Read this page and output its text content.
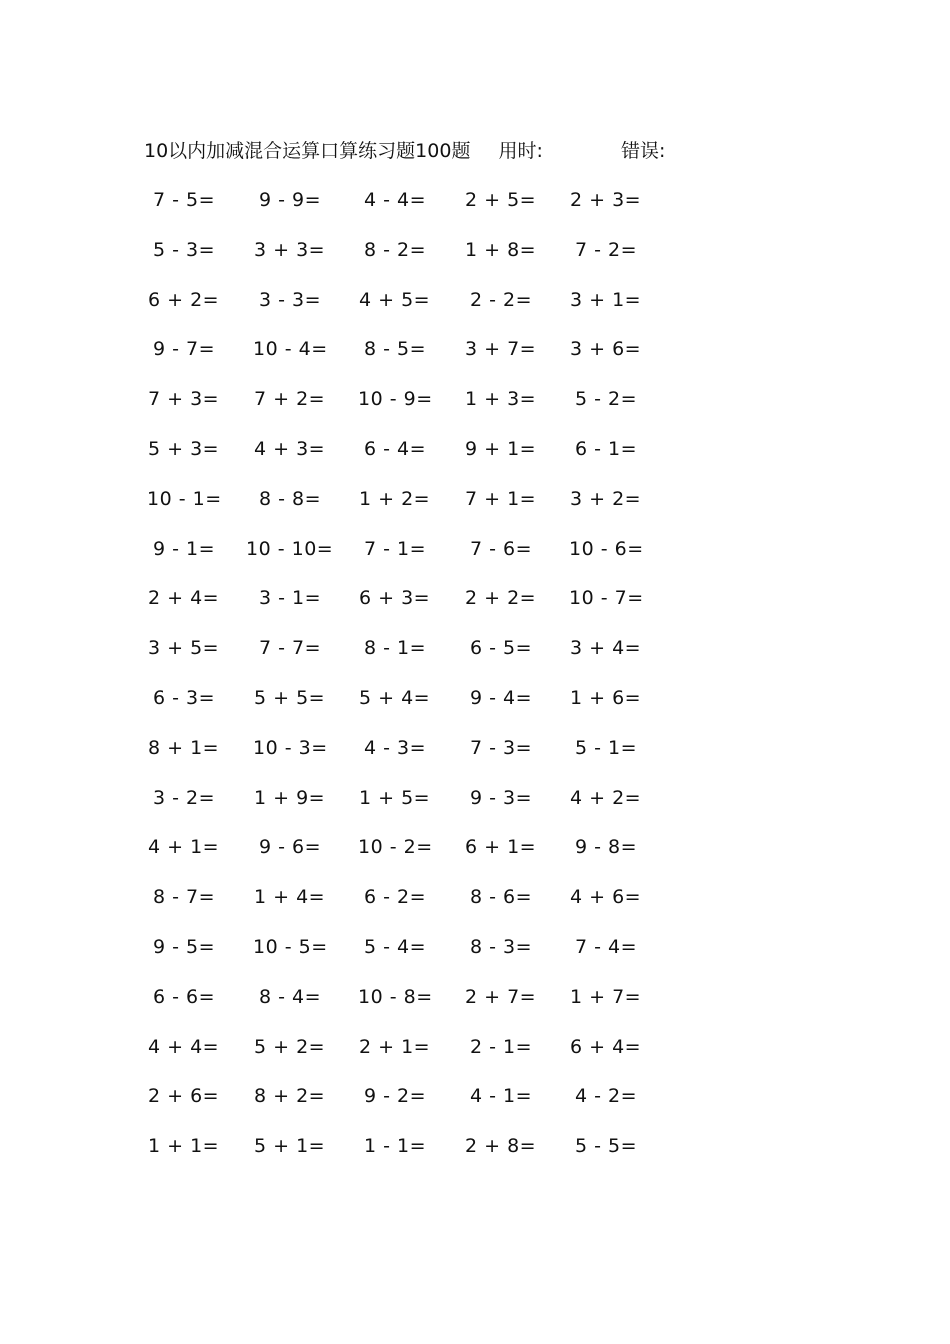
10以内加减混合运算口算练习题100题 用时:	错误:
7 - 5= 9 - 9= 4 - 4= 2 + 5= 2 + 3=
5 - 3= 3 + 3= 8 - 2= 1 + 8= 7 - 2=
6 + 2= 3 - 3= 4 + 5= 2 - 2= 3 + 1=
9 - 7= 10 - 4= 8 - 5= 3 + 7= 3 + 6=
7 + 3= 7 + 2= 10 - 9= 1 + 3= 5 - 2=
5 + 3= 4 + 3= 6 - 4= 9 + 1= 6 - 1=
10 - 1= 8 - 8= 1 + 2= 7 + 1= 3 + 2=
9 - 1= 10 - 10= 7 - 1= 7 - 6= 10 - 6=
2 + 4= 3 - 1= 6 + 3= 2 + 2= 10 - 7=
3 + 5= 7 - 7= 8 - 1= 6 - 5= 3 + 4=
6 - 3= 5 + 5= 5 + 4= 9 - 4= 1 + 6=
8 + 1= 10 - 3= 4 - 3= 7 - 3= 5 - 1=
3 - 2= 1 + 9= 1 + 5= 9 - 3= 4 + 2=
4 + 1= 9 - 6= 10 - 2= 6 + 1= 9 - 8=
8 - 7= 1 + 4= 6 - 2= 8 - 6= 4 + 6=
9 - 5= 10 - 5= 5 - 4= 8 - 3= 7 - 4=
6 - 6= 8 - 4= 10 - 8= 2 + 7= 1 + 7=
4 + 4= 5 + 2= 2 + 1= 2 - 1= 6 + 4=
2 + 6= 8 + 2= 9 - 2= 4 - 1= 4 - 2=
1 + 1= 5 + 1= 1 - 1= 2 + 8= 5 - 5=
